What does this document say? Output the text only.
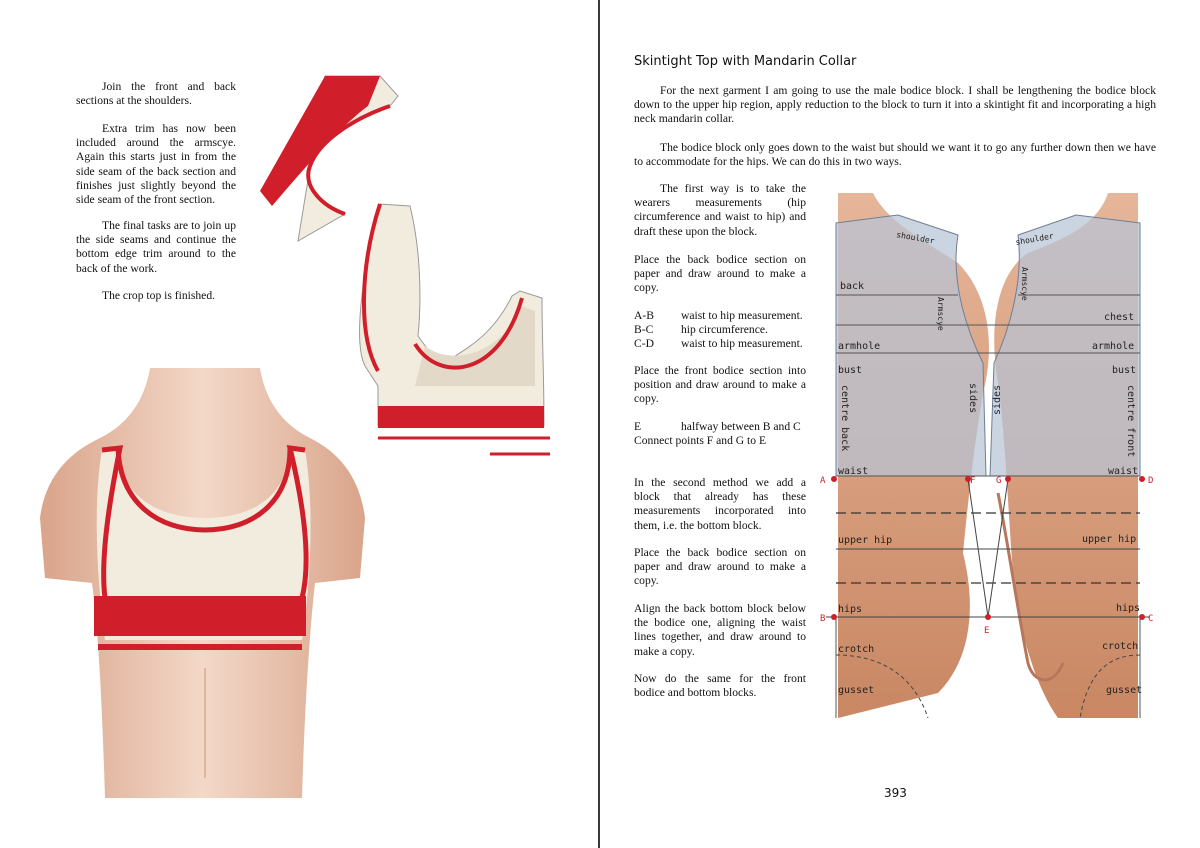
Join the front and back sections at the shoulders.

Extra trim has now been included around the armscye. Again this starts just in from the side seam of the back section and finishes just slightly beyond the side seam of the front section.

The final tasks are to join up the side seams and continue the bottom edge trim around to the back of the work.

The crop top is finished.

Skintight Top with Mandarin Collar

For the next garment I am going to use the male bodice block. I shall be lengthening the bodice block down to the upper hip region, apply reduction to the block to turn it into a skintight fit and incorporating a high neck mandarin collar.

The bodice block only goes down to the waist but should we want it to go any further down then we have to accommodate for the hips. We can do this in two ways.

The first way is to take the wearers measurements (hip circumference and waist to hip) and draft these upon the block.

Place the back bodice section on paper and draw around to make a copy.

A-B waist to hip measurement.
B-C hip circumference.
C-D waist to hip measurement.

Place the front bodice section into position and draw around to make a copy.

E	halfway between B and C
Connect points F and G to E

In the second method we add a block that already has these measurements incorporated into them, i.e. the bottom block.

Place the back bodice section on paper and draw around to make a copy.

Align the back bottom block below the bodice one, aligning the waist lines together, and draw around to make a copy.

Now do the same for the front bodice and bottom blocks.

393
A	D
B	C
E
F G
shoulder	shoulder
back
chest
armhole	armhole
bust	bust
Armscye
Armscye
centre back	centre front
sides sides
waist	waist
upper hip	upper hip
hips	hips
crotch	crotch
gusset	gusset
